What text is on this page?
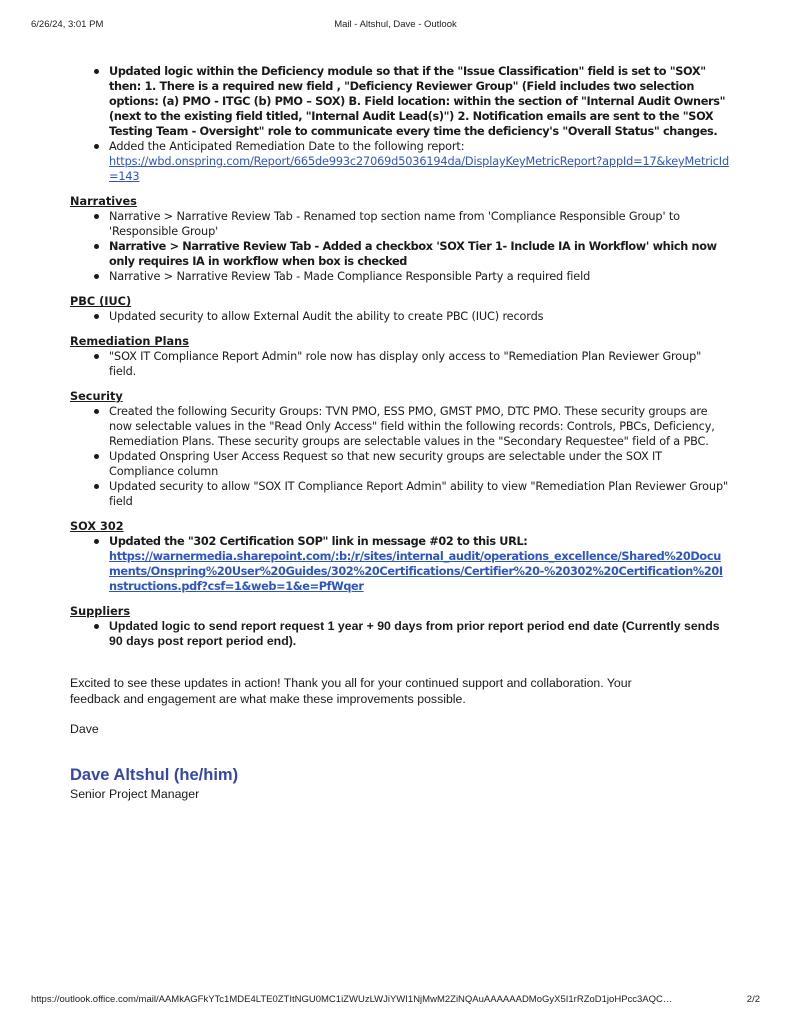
6/26/24, 3:01 PM	Mail - Altshul, Dave - Outlook
Updated logic within the Deficiency module so that if the "Issue Classification" field is set to "SOX" then: 1. There is a required new field , "Deficiency Reviewer Group" (Field includes two selection options: (a) PMO - ITGC (b) PMO – SOX) B. Field location: within the section of "Internal Audit Owners" (next to the existing field titled, "Internal Audit Lead(s)") 2. Notification emails are sent to the "SOX Testing Team - Oversight" role to communicate every time the deficiency's "Overall Status" changes.
Added the Anticipated Remediation Date to the following report:
https://wbd.onspring.com/Report/665de993c27069d5036194da/DisplayKeyMetricReport?appId=17&keyMetricId=143
Narratives
Narrative > Narrative Review Tab - Renamed top section name from 'Compliance Responsible Group' to 'Responsible Group'
Narrative > Narrative Review Tab - Added a checkbox 'SOX Tier 1- Include IA in Workflow' which now only requires IA in workflow when box is checked
Narrative > Narrative Review Tab - Made Compliance Responsible Party a required field
PBC (IUC)
Updated security to allow External Audit the ability to create PBC (IUC) records
Remediation Plans
"SOX IT Compliance Report Admin" role now has display only access to "Remediation Plan Reviewer Group" field.
Security
Created the following Security Groups: TVN PMO, ESS PMO, GMST PMO, DTC PMO. These security groups are now selectable values in the "Read Only Access" field within the following records: Controls, PBCs, Deficiency, Remediation Plans. These security groups are selectable values in the "Secondary Requestee" field of a PBC.
Updated Onspring User Access Request so that new security groups are selectable under the SOX IT Compliance column
Updated security to allow "SOX IT Compliance Report Admin" ability to view "Remediation Plan Reviewer Group" field
SOX 302
Updated the "302 Certification SOP" link in message #02 to this URL:
https://warnermedia.sharepoint.com/:b:/r/sites/internal_audit/operations_excellence/Shared%20Documents/Onspring%20User%20Guides/302%20Certifications/Certifier%20-%20302%20Certification%20Instructions.pdf?csf=1&web=1&e=PfWqer
Suppliers
Updated logic to send report request 1 year + 90 days from prior report period end date (Currently sends 90 days post report period end).
Excited to see these updates in action! Thank you all for your continued support and collaboration. Your feedback and engagement are what make these improvements possible.
Dave
Dave Altshul (he/him)
Senior Project Manager
https://outlook.office.com/mail/AAMkAGFkYTc1MDE4LTE0ZTItNGU0MC1iZWUzLWJiYWI1NjMwM2ZiNQAuAAAAAADMoGyX5I1rRZoD1joHPcc3AQC…	2/2
